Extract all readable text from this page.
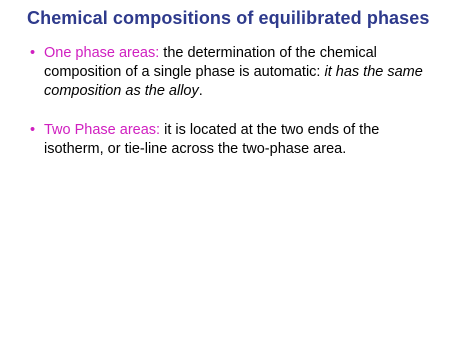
Chemical compositions of equilibrated phases
• One phase areas: the determination of the chemical composition of a single phase is automatic: it has the same composition as the alloy.
• Two Phase areas: it is located at the two ends of the isotherm, or tie-line across the two-phase area.
